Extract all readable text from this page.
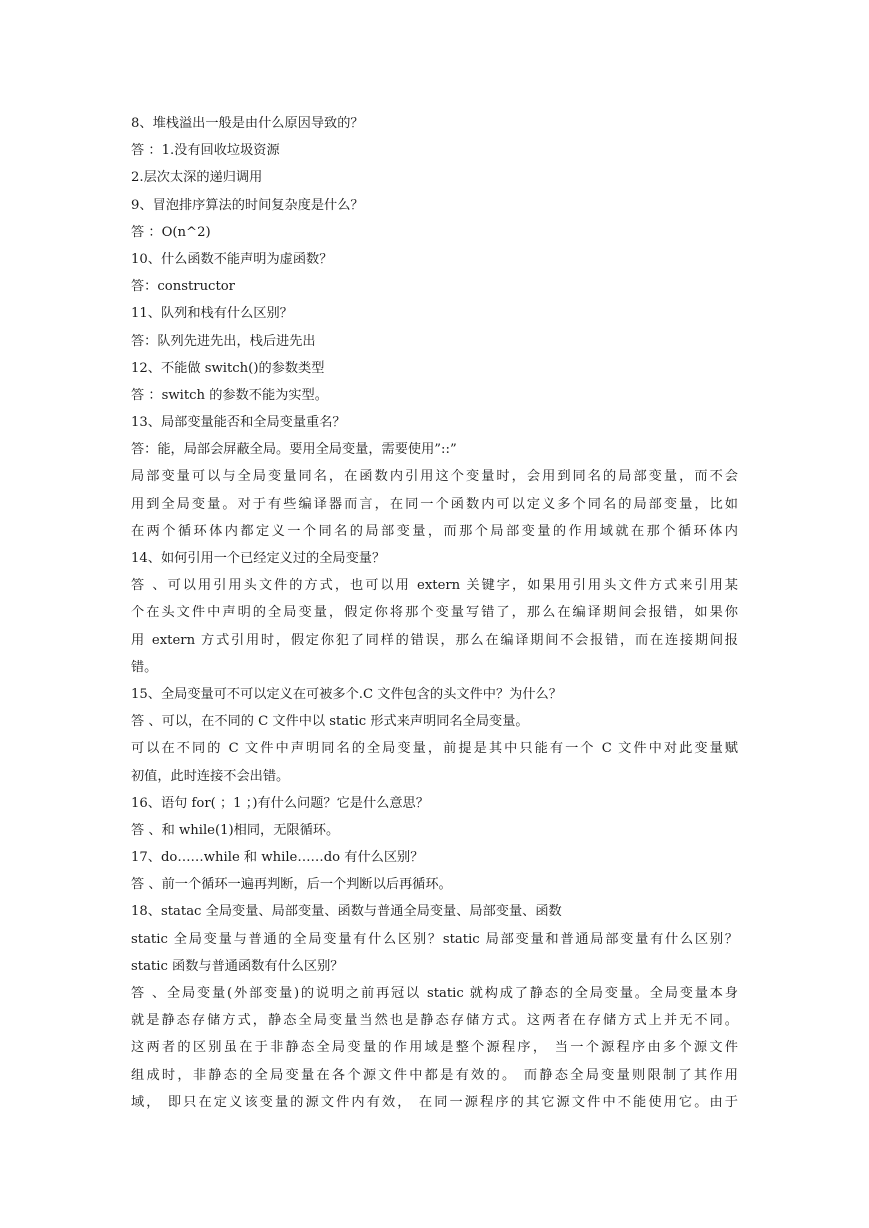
8、堆栈溢出一般是由什么原因导致的？
答 ：1.没有回收垃圾资源
2.层次太深的递归调用
9、冒泡排序算法的时间复杂度是什么？
答 ：O(n^2)
10、什么函数不能声明为虚函数？
答：constructor
11、队列和栈有什么区别？
答：队列先进先出，栈后进先出
12、不能做 switch()的参数类型
答 ：switch 的参数不能为实型。
13、局部变量能否和全局变量重名？
答：能，局部会屏蔽全局。要用全局变量，需要使用”::”
局部变量可以与全局变量同名，在函数内引用这个变量时，会用到同名的局部变量，而不会
用到全局变量。对于有些编译器而言，在同一个函数内可以定义多个同名的局部变量，比如
在两个循环体内都定义一个同名的局部变量，而那个局部变量的作用域就在那个循环体内
14、如何引用一个已经定义过的全局变量？
答 、可以用引用头文件的方式，也可以用 extern 关键字，如果用引用头文件方式来引用某
个在头文件中声明的全局变量，假定你将那个变量写错了，那么在编译期间会报错，如果你
用 extern 方式引用时，假定你犯了同样的错误，那么在编译期间不会报错，而在连接期间报
错。
15、全局变量可不可以定义在可被多个.C 文件包含的头文件中？为什么？
答 、可以，在不同的 C 文件中以 static 形式来声明同名全局变量。
可以在不同的 C 文件中声明同名的全局变量，前提是其中只能有一个 C 文件中对此变量赋
初值，此时连接不会出错。
16、语句 for( ；1 ；)有什么问题？它是什么意思？
答 、和 while(1)相同，无限循环。
17、do……while 和 while……do 有什么区别？
答 、前一个循环一遍再判断，后一个判断以后再循环。
18、statac 全局变量、局部变量、函数与普通全局变量、局部变量、函数
static 全局变量与普通的全局变量有什么区别？static 局部变量和普通局部变量有什么区别？
static 函数与普通函数有什么区别？
答 、全局变量(外部变量)的说明之前再冠以 static 就构成了静态的全局变量。全局变量本身
就是静态存储方式，静态全局变量当然也是静态存储方式。这两者在存储方式上并无不同。
这两者的区别虽在于非静态全局变量的作用域是整个源程序， 当一个源程序由多个源文件
组成时，非静态的全局变量在各个源文件中都是有效的。 而静态全局变量则限制了其作用
域， 即只在定义该变量的源文件内有效， 在同一源程序的其它源文件中不能使用它。由于
